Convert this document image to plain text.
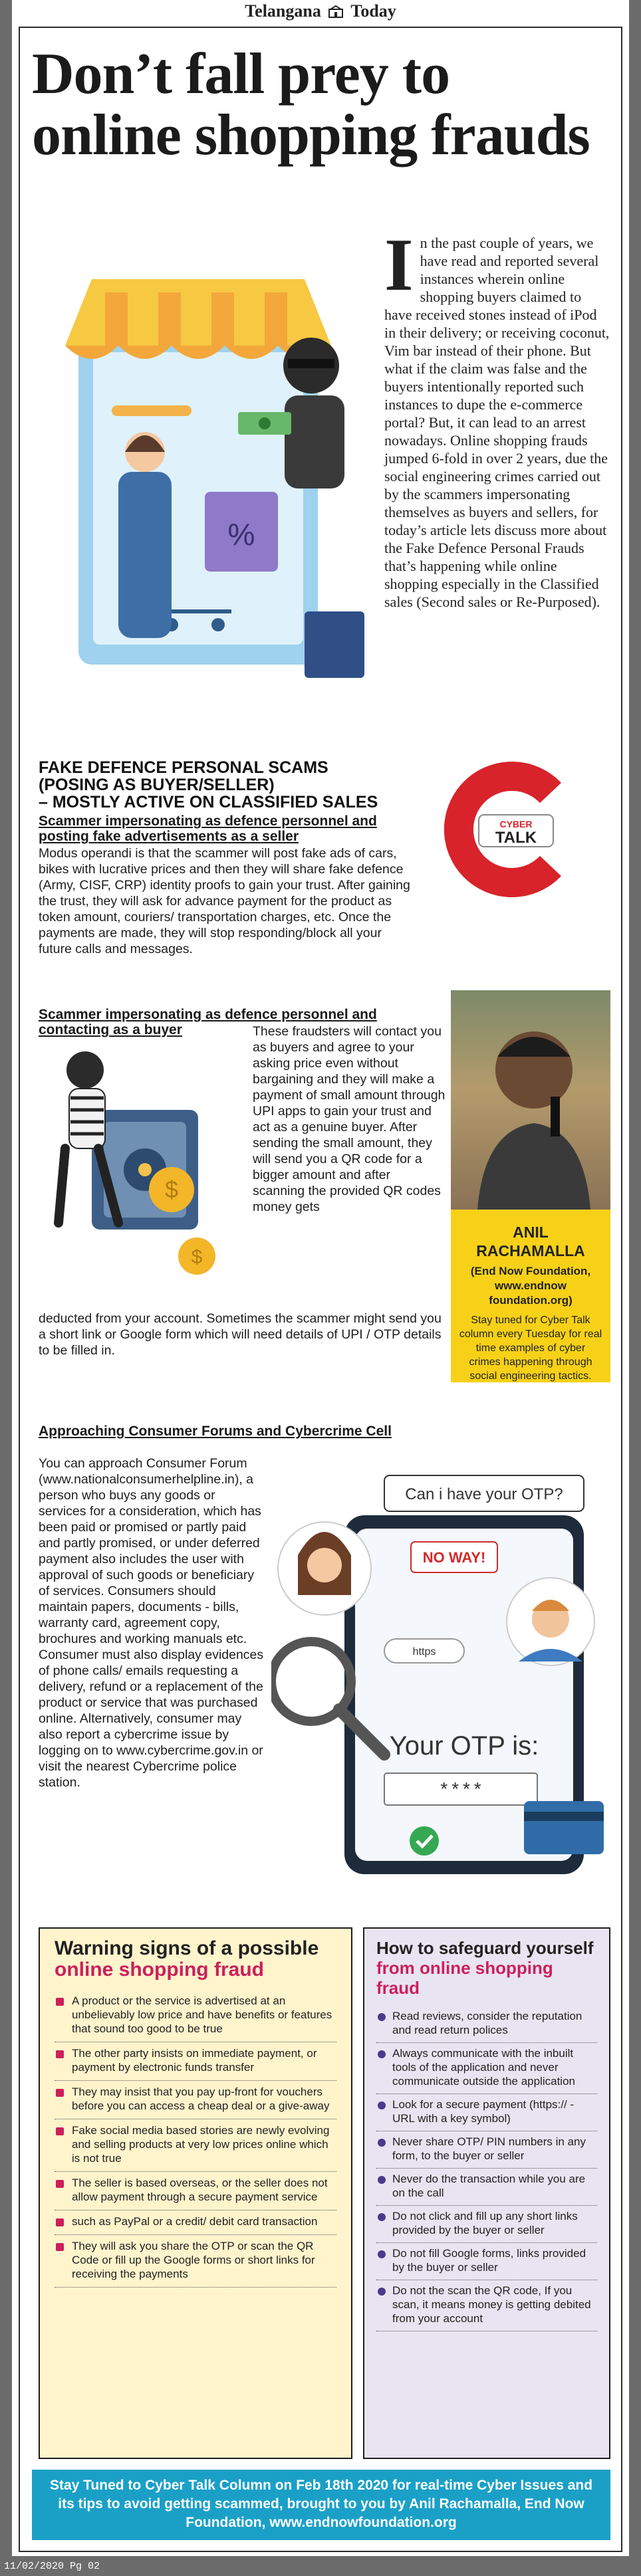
Telangana Today
Don’t fall prey to
online shopping frauds
%
I n the past couple of years, we have read and reported several instances wherein online shopping buyers claimed to have received stones instead of iPod in their delivery; or receiving coconut, Vim bar instead of their phone. But what if the claim was false and the buyers intentionally reported such instances to dupe the e-commerce portal? But, it can lead to an arrest nowadays. Online shopping frauds jumped 6-fold in over 2 years, due the social engineering crimes carried out by the scammers impersonating themselves as buyers and sellers, for today’s article lets discuss more about the Fake Defence Personal Frauds that’s happening while online shopping especially in the Classified sales (Second sales or Re-Purposed).
FAKE DEFENCE PERSONAL SCAMS
(POSING AS BUYER/SELLER)
– MOSTLY ACTIVE ON CLASSIFIED SALES
Scammer impersonating as defence personnel and posting fake advertisements as a seller
Modus operandi is that the scammer will post fake ads of cars, bikes with lucrative prices and then they will share fake defence (Army, CISF, CRP) identity proofs to gain your trust. After gaining the trust, they will ask for advance payment for the product as token amount, couriers/ transportation charges, etc. Once the payments are made, they will stop responding/block all your future calls and messages.
CYBER
TALK
Scammer impersonating as defence personnel and contacting as a buyer
$
$
These fraudsters will contact you as buyers and agree to your asking price even without bargaining and they will make a payment of small amount through UPI apps to gain your trust and act as a genuine buyer. After sending the small amount, they will send you a QR code for a bigger amount and after scanning the provided QR codes money gets
deducted from your account. Sometimes the scammer might send you a short link or Google form which will need details of UPI / OTP details to be filled in.
ANIL RACHAMALLA
(End Now Foundation, www.endnow foundation.org)
Stay tuned for Cyber Talk column every Tuesday for real time examples of cyber crimes happening through social engineering tactics.
Approaching Consumer Forums and Cybercrime Cell
You can approach Consumer Forum (www.nationalconsumerhelpline.in), a person who buys any goods or services for a consideration, which has been paid or promised or partly paid and partly promised, or under deferred payment also includes the user with approval of such goods or beneficiary of services. Consumers should maintain papers, documents - bills, warranty card, agreement copy, brochures and working manuals etc. Consumer must also display evidences of phone calls/ emails requesting a delivery, refund or a replacement of the product or service that was purchased online. Alternatively, consumer may also report a cybercrime issue by logging on to www.cybercrime.gov.in or visit the nearest Cybercrime police station.
Can i have your OTP?
NO WAY!
https
Your OTP is:
****
Warning signs of a possible
online shopping fraud
A product or the service is advertised at an unbelievably low price and have benefits or features that sound too good to be true
The other party insists on immediate payment, or payment by electronic funds transfer
They may insist that you pay up-front for vouchers before you can access a cheap deal or a give-away
Fake social media based stories are newly evolving and selling products at very low prices online which is not true
The seller is based overseas, or the seller does not allow payment through a secure payment service
such as PayPal or a credit/ debit card transaction
They will ask you share the OTP or scan the QR Code or fill up the Google forms or short links for receiving the payments
How to safeguard yourself
from online shopping fraud
Read reviews, consider the reputation and read return polices
Always communicate with the inbuilt tools of the application and never communicate outside the application
Look for a secure payment (https:// - URL with a key symbol)
Never share OTP/ PIN numbers in any form, to the buyer or seller
Never do the transaction while you are on the call
Do not click and fill up any short links provided by the buyer or seller
Do not fill Google forms, links provided by the buyer or seller
Do not the scan the QR code, If you scan, it means money is getting debited from your account
Stay Tuned to Cyber Talk Column on Feb 18th 2020 for real-time Cyber Issues and its tips to avoid getting scammed, brought to you by Anil Rachamalla, End Now Foundation, www.endnowfoundation.org
11/02/2020 Pg 02
